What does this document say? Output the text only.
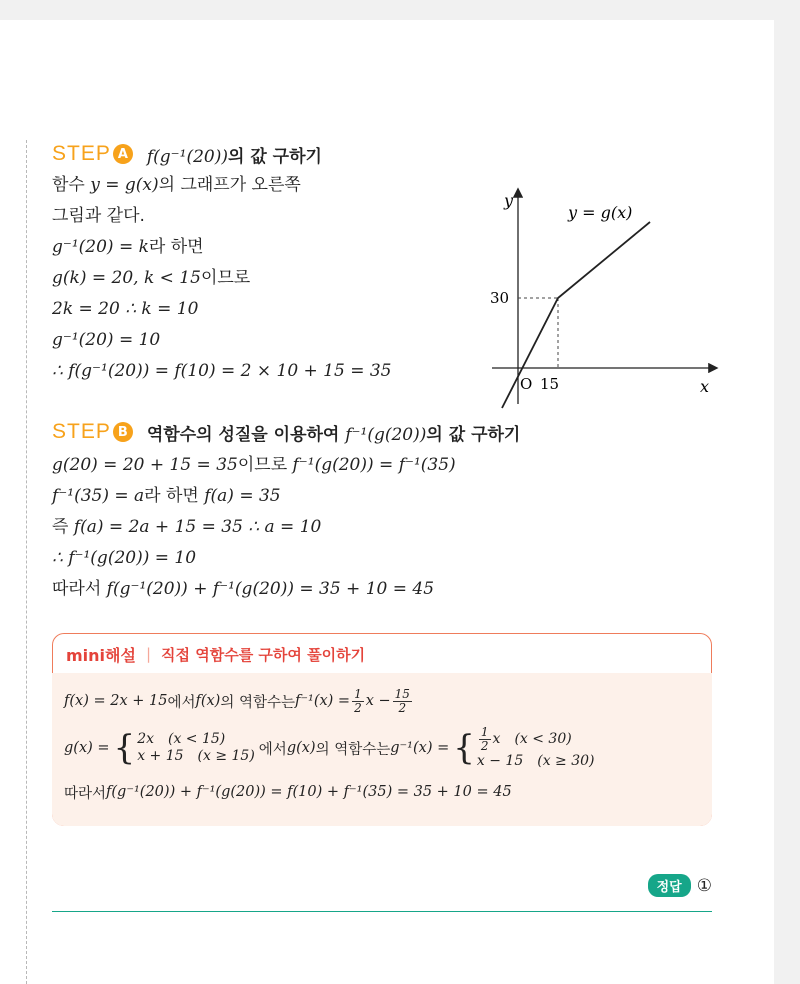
STEP A f(g⁻¹(20))의 값 구하기
함수 y = g(x)의 그래프가 오른쪽
그림과 같다.
g⁻¹(20) = k라 하면
g(k) = 20, k < 15이므로
2k = 20 ∴ k = 10
g⁻¹(20) = 10
∴ f(g⁻¹(20)) = f(10) = 2 × 10 + 15 = 35
y
x
y = g(x)
O 15
30
STEP B 역함수의 성질을 이용하여 f⁻¹(g(20))의 값 구하기
g(20) = 20 + 15 = 35이므로 f⁻¹(g(20)) = f⁻¹(35)
f⁻¹(35) = a라 하면 f(a) = 35
즉 f(a) = 2a + 15 = 35 ∴ a = 10
∴ f⁻¹(g(20)) = 10
따라서 f(g⁻¹(20)) + f⁻¹(g(20)) = 35 + 10 = 45
mini해설 | 직접 역함수를 구하여 풀이하기
f(x) = 2x + 15 에서 f(x) 의 역함수는 $f^{-1}(x) = \frac{1}{2}$ $x - \frac{15}{2}$
g(x) = { 2x (x < 15)
x + 15 (x ≥ 15) 에서 g(x) 의 역함수는 g⁻¹(x) = { $\frac{1}{2}$ x (x < 30)
x − 15 (x ≥ 30)
따라서 f(g⁻¹(20)) + f⁻¹(g(20)) = f(10) + f⁻¹(35) = 35 + 10 = 45
정답 ①
